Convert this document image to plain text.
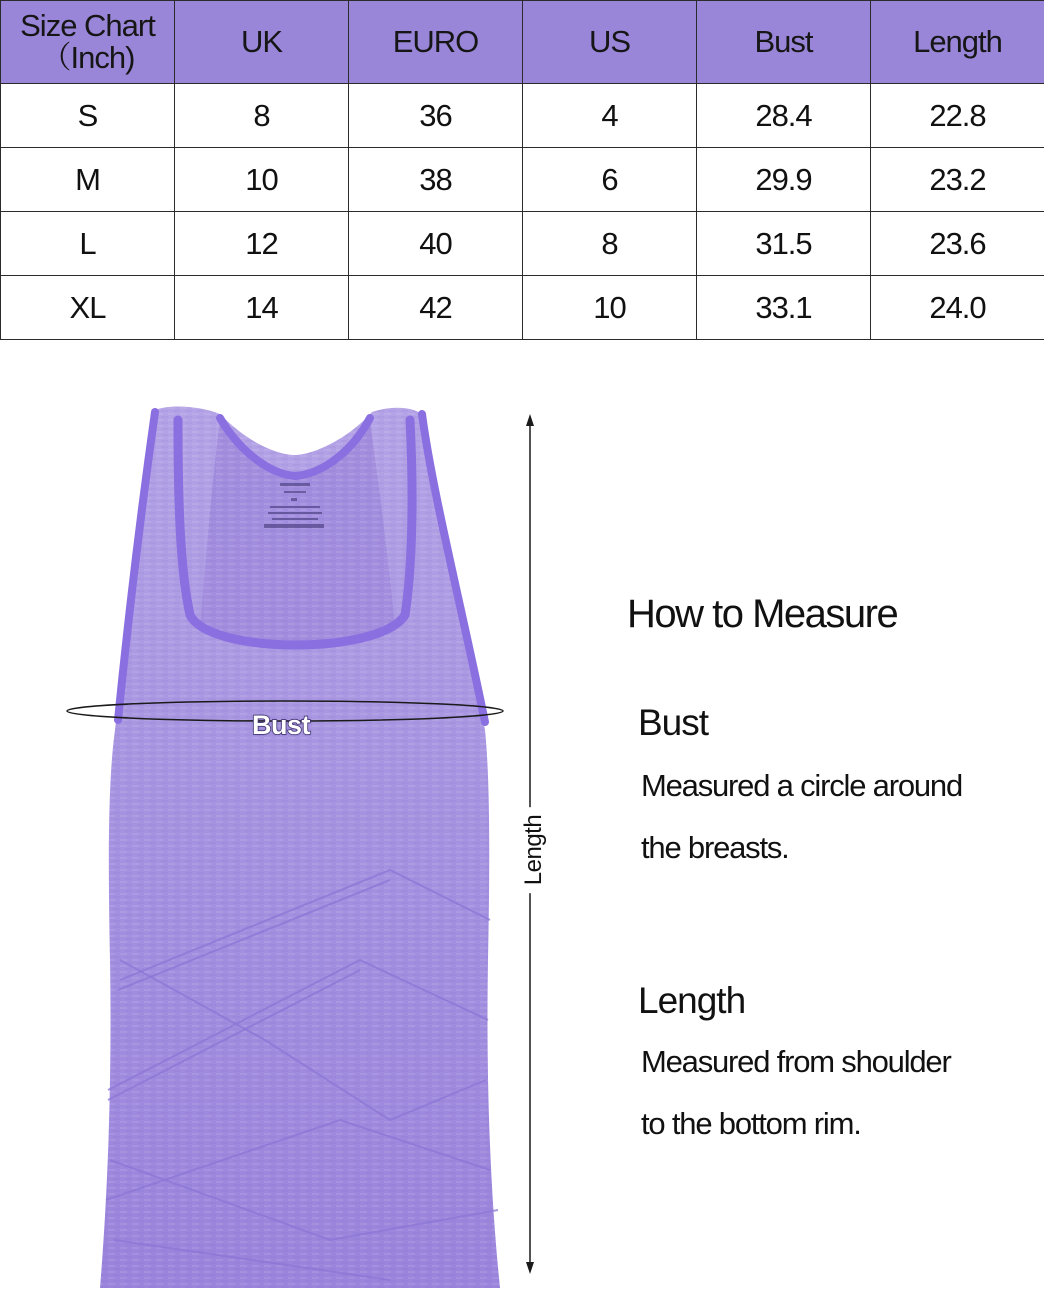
Size Chart
（Inch)	UK	EURO	US	Bust	Length
S	8	36	4	28.4	22.8
M	10	38	6	29.9	23.2
L	12	40	8	31.5	23.6
XL	14	42	10	33.1	24.0
Bust
Length
How to Measure
Bust
Measured a circle around
the breasts.
Length
Measured from shoulder
to the bottom rim.
